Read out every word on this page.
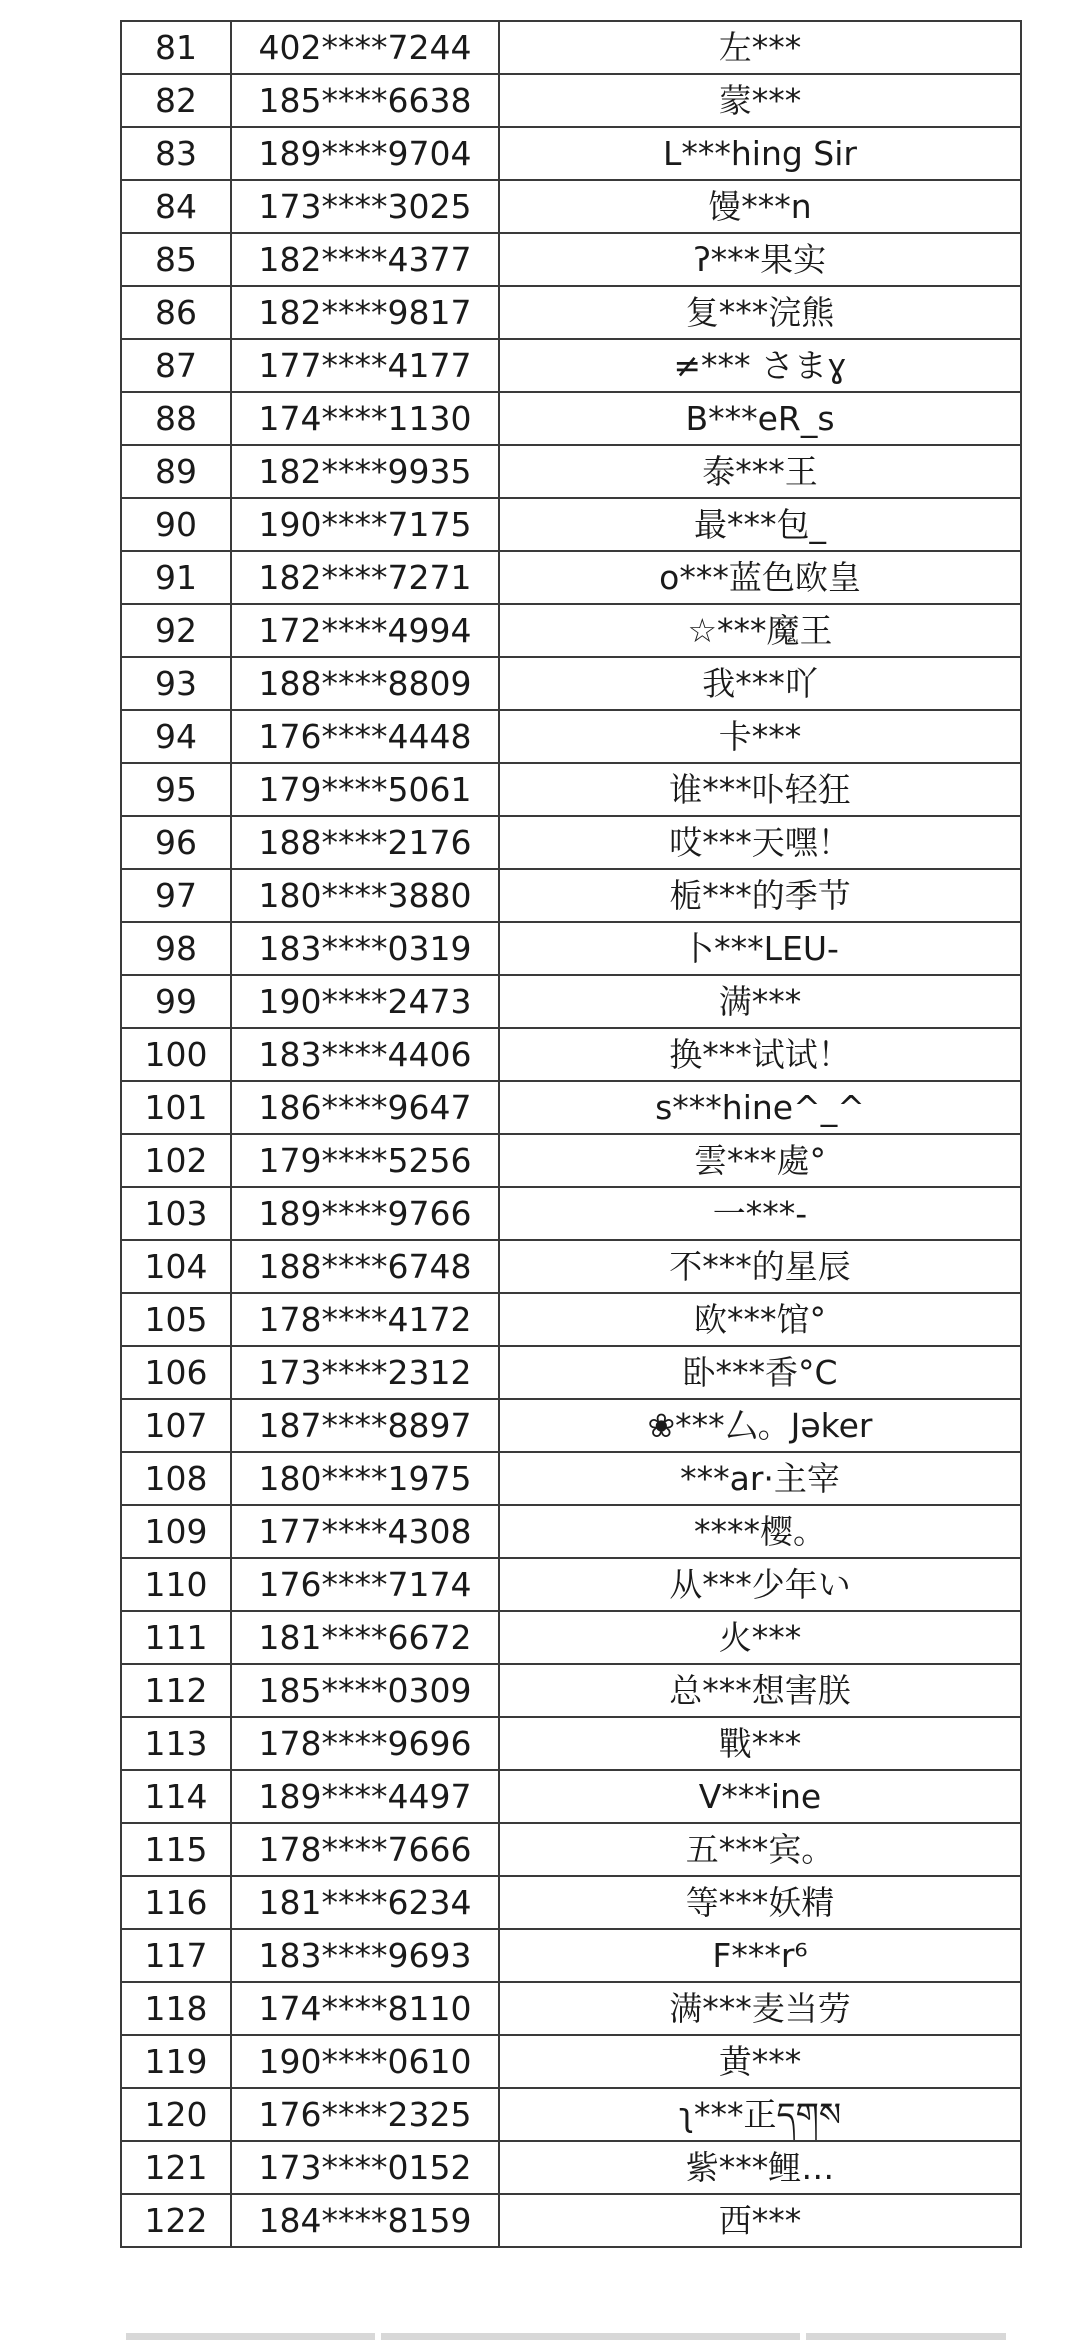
81	402****7244	左***
82	185****6638	蒙***
83	189****9704	L***hing Sir
84	173****3025	馒***n
85	182****4377	ʔ***果实
86	182****9817	复***浣熊
87	177****4177	≠*** さまɣ
88	174****1130	B***eR_s
89	182****9935	泰***王
90	190****7175	最***包_
91	182****7271	o***蓝色欧皇
92	172****4994	☆***魔王
93	188****8809	我***吖
94	176****4448	卡***
95	179****5061	谁***卟轻狂
96	188****2176	哎***天嘿！
97	180****3880	栀***的季节
98	183****0319	卜***LEU-
99	190****2473	满***
100	183****4406	换***试试！
101	186****9647	s***hine^_^
102	179****5256	雲***處°
103	189****9766	一***-
104	188****6748	不***的星辰
105	178****4172	欧***馆°
106	173****2312	卧***香°C
107	187****8897	❀***厶。Jəker
108	180****1975	***ar·主宰
109	177****4308	****樱。
110	176****7174	从***少年い
111	181****6672	火***
112	185****0309	总***想害朕
113	178****9696	戰***
114	189****4497	V***ine
115	178****7666	五***宾。
116	181****6234	等***妖精
117	183****9693	F***r⁶
118	174****8110	满***麦当劳
119	190****0610	黄***
120	176****2325	ʅ***正དགས
121	173****0152	紫***鲤…
122	184****8159	西***
